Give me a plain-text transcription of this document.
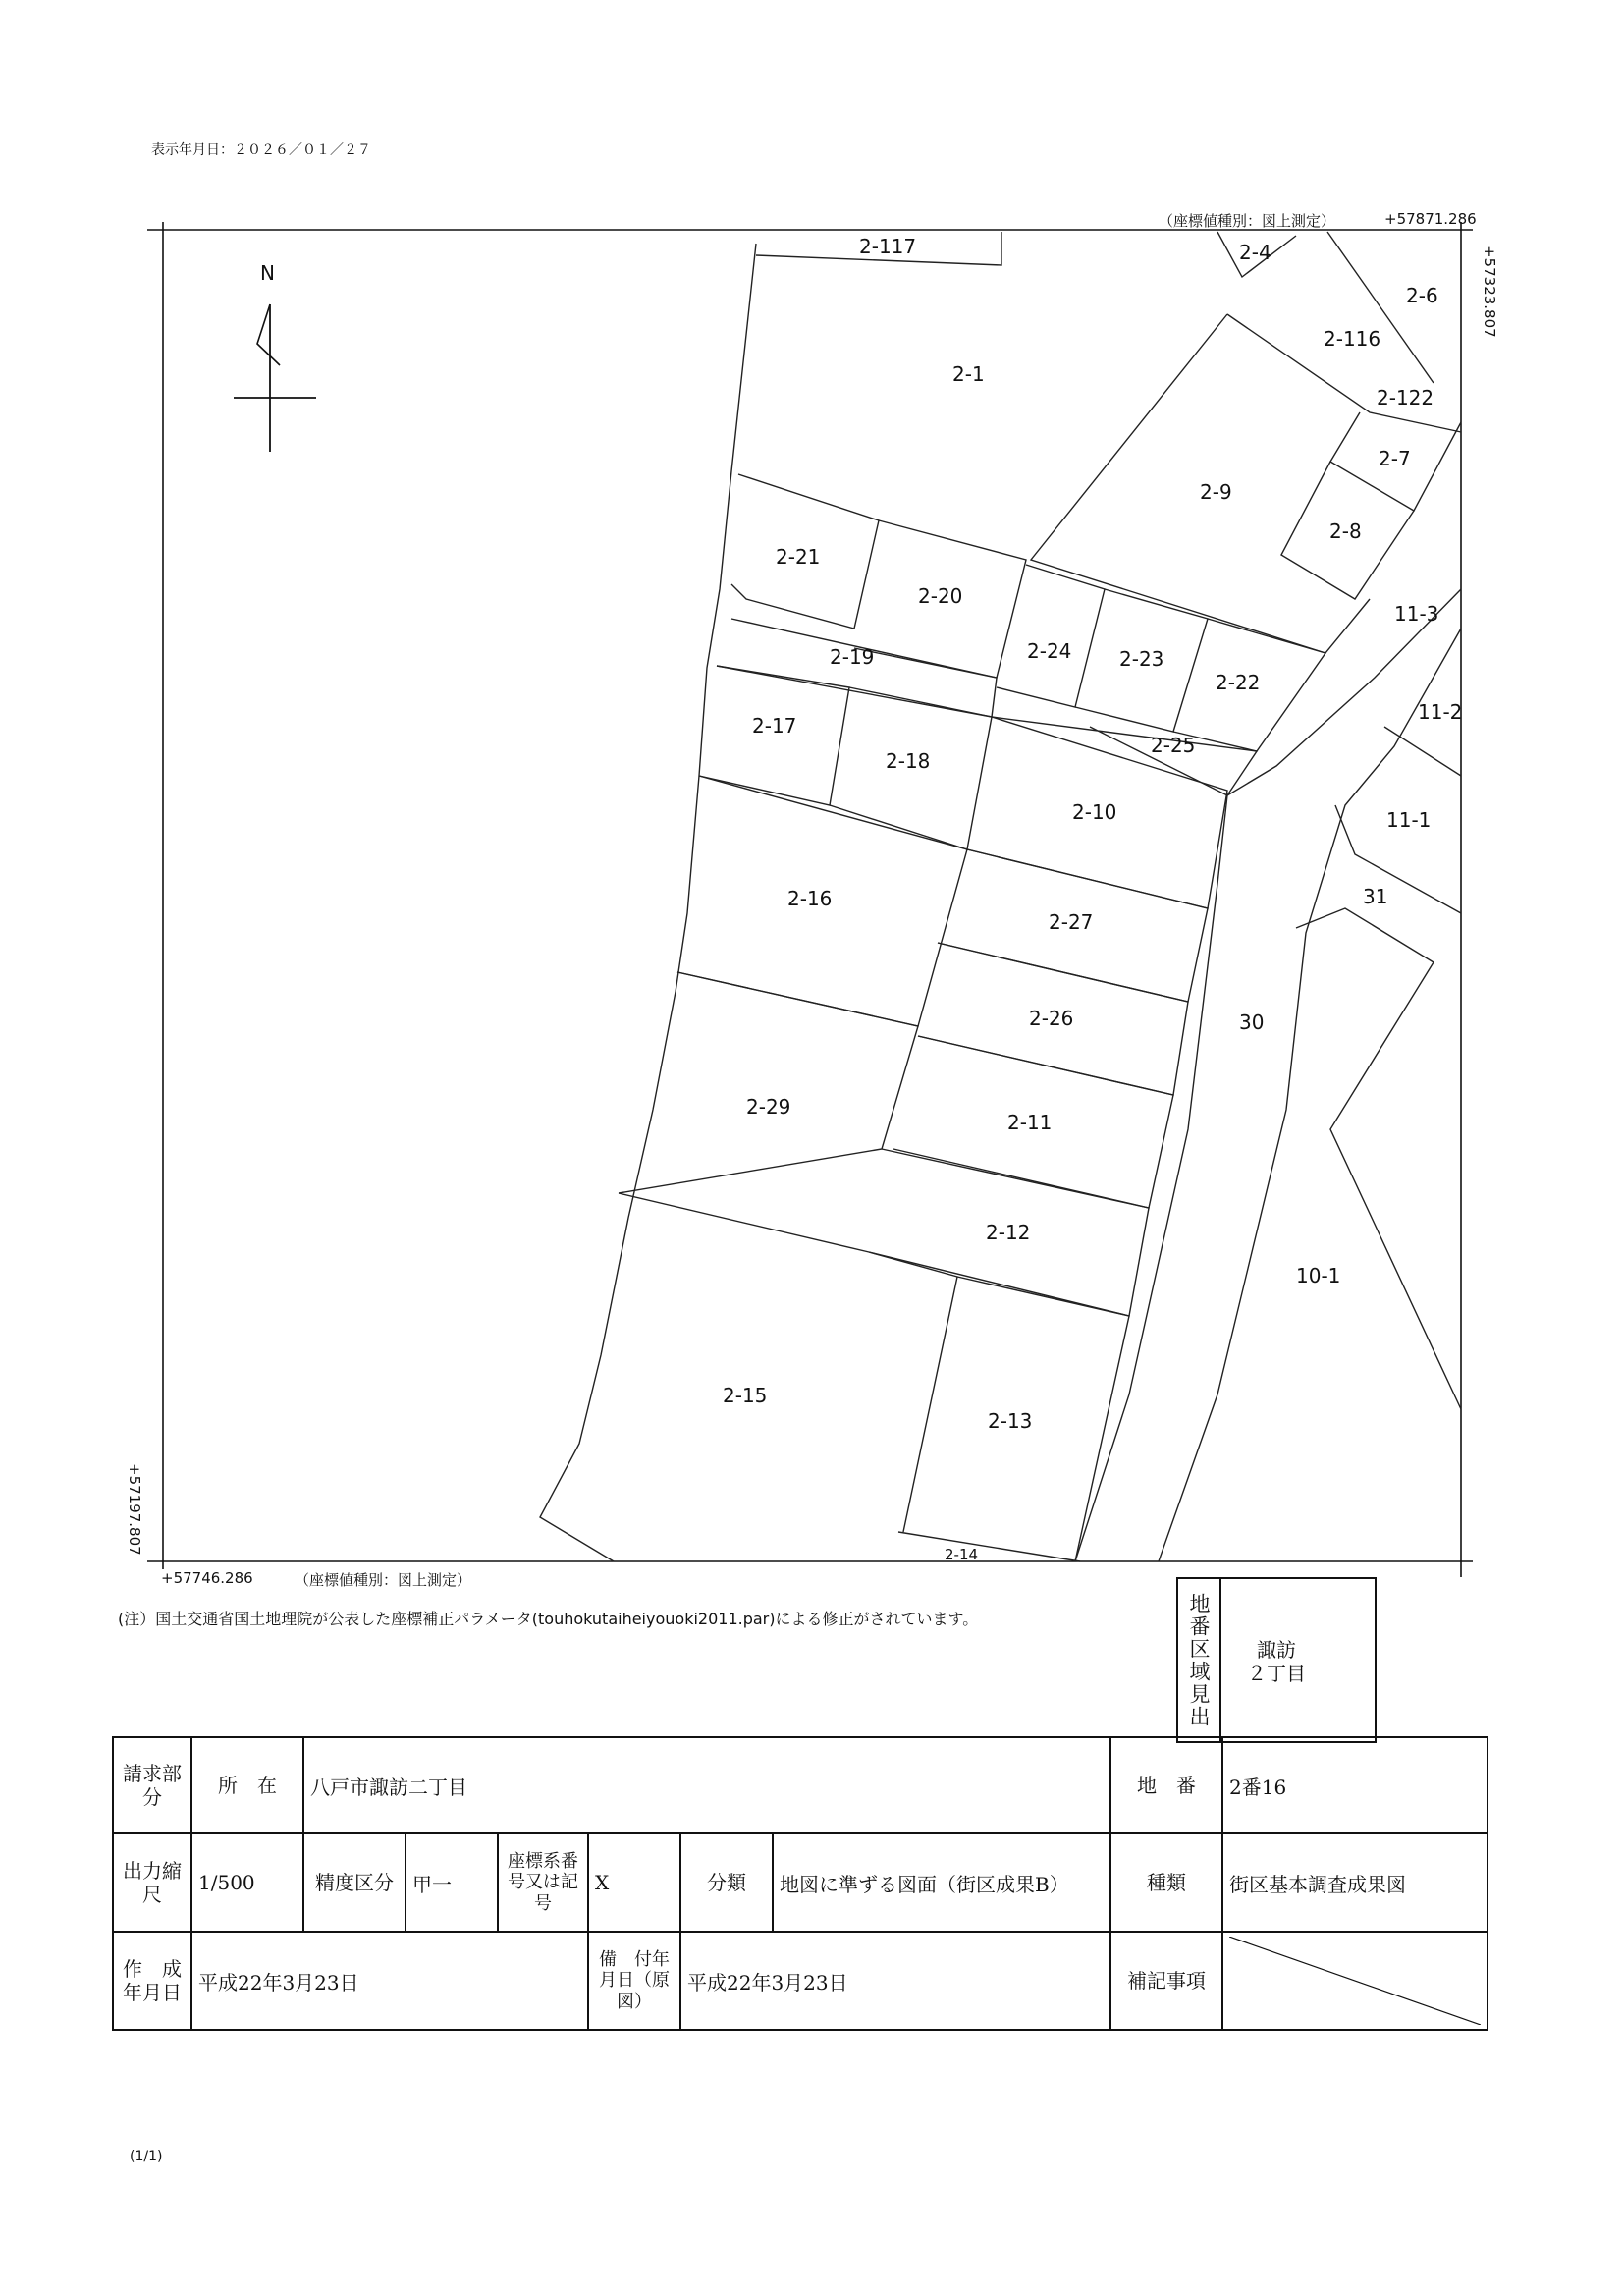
表示年月日：２０２６／０１／２７
（座標値種別：図上測定）	+57871.286
+57323.807
+57197.807
+57746.286	（座標値種別：図上測定）
N
2-117	2-4
2-6
2-116
2-122
2-1
2-7
2-9
2-8
2-21
2-20
11-3
2-24 2-23
2-22
2-19
11-2
2-17
2-18
2-25
2-10	11-1
31
2-16
2-27
2-26	30
2-29
2-11
2-12
10-1
2-15
2-13
2-14
(注）国土交通省国土地理院が公表した座標補正パラメータ(touhokutaiheiyouoki2011.par)による修正がされています。	地番区域見出	諏訪
２丁目
請求部分	所　在	八戸市諏訪二丁目						地　番	2番16
出力縮尺	1/500	精度区分	甲一	座標系番号又は記号	X	分類	地図に準ずる図面（街区成果B）	種類	街区基本調査成果図
作　成年月日	平成22年3月23日				備　付年月日（原図）	平成22年3月23日		補記事項	
(1/1)
